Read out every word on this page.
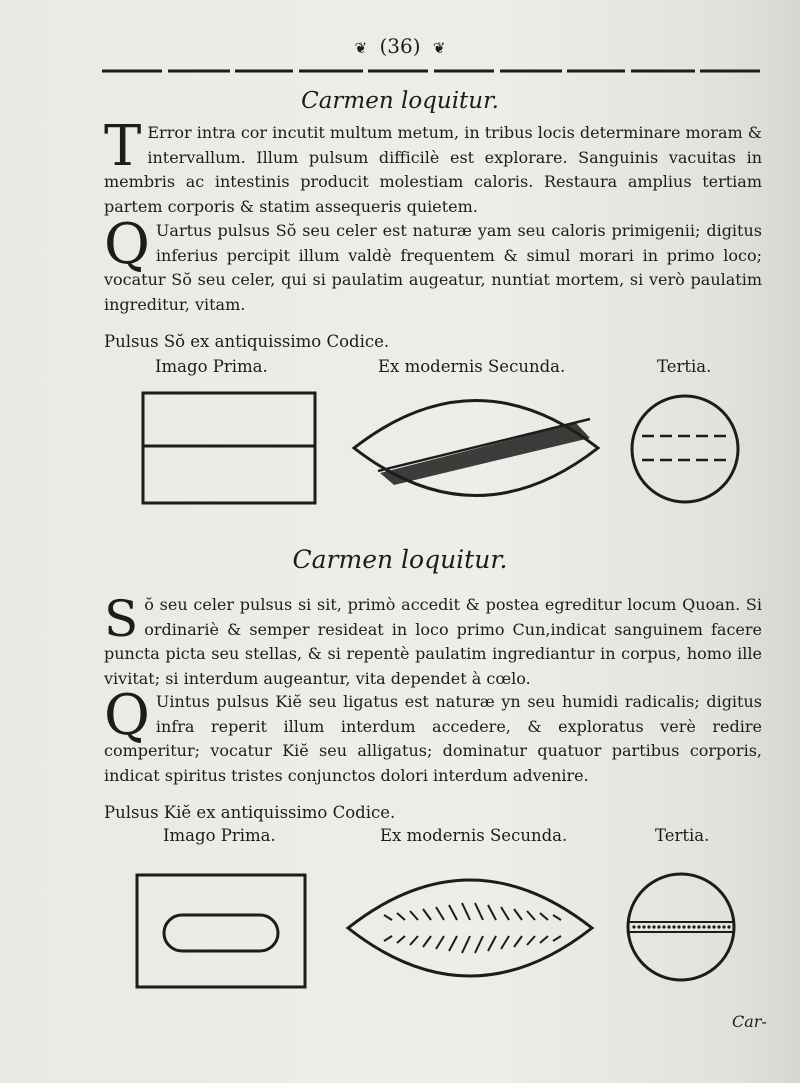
❦ (36) ❦
Carmen loquitur.

T Error intra cor incutit multum metum, in tribus locis determinare moram & intervallum. Illum pulsum difficilè est explorare. Sanguinis vacuitas in membris ac intestinis producit molestiam caloris. Restaura amplius tertiam partem corporis & statim assequeris quietem.

Q Uartus pulsus Sŏ seu celer est naturæ yam seu caloris primigenii; digitus inferius percipit illum valdè frequentem & simul morari in primo loco; vocatur Sŏ seu celer, qui si paulatim augeatur, nuntiat mortem, si verò paulatim ingreditur, vitam.

Pulsus Sŏ ex antiquissimo Codice.
Imago Prima.	Ex modernis Secunda.	Tertia.
Carmen loquitur.

Sŏ seu celer pulsus si sit, primò accedit & postea egreditur locum Quoan. Si ordinariè & semper resideat in loco primo Cun,indicat sanguinem facere puncta picta seu stellas, & si repentè paulatim ingrediantur in corpus, homo ille vivitat; si interdum augeantur, vita dependet à cœlo.

Q Uintus pulsus Kiĕ seu ligatus est naturæ yn seu humidi radicalis; digitus infra reperit illum interdum accedere, & exploratus verè redire comperitur; vocatur Kiĕ seu alligatus; dominatur quatuor partibus corporis, indicat spiritus tristes conjunctos dolori interdum advenire.

Pulsus Kiĕ ex antiquissimo Codice.
Imago Prima.	Ex modernis Secunda.	Tertia.
Car-
